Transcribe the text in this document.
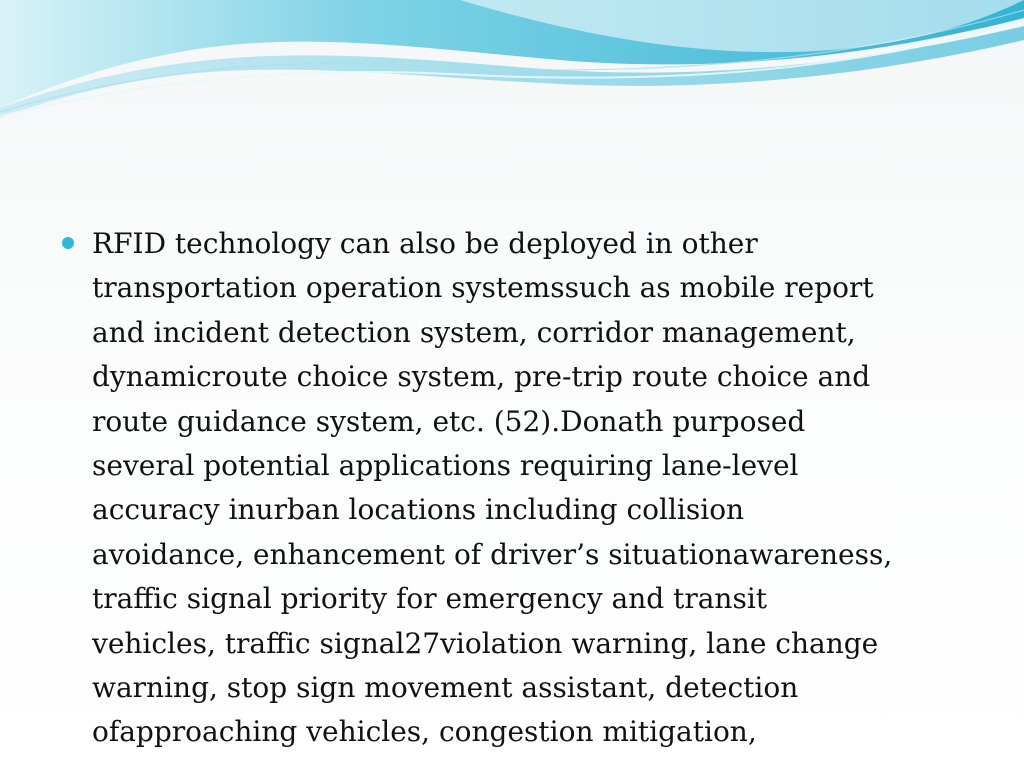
RFID technology can also be deployed in other
transportation operation systemssuch as mobile report
and incident detection system, corridor management,
dynamicroute choice system, pre-trip route choice and
route guidance system, etc. (52).Donath purposed
several potential applications requiring lane-level
accuracy inurban locations including collision
avoidance, enhancement of driver’s situationawareness,
traffic signal priority for emergency and transit
vehicles, traffic signal27violation warning, lane change
warning, stop sign movement assistant, detection
ofapproaching vehicles, congestion mitigation,
